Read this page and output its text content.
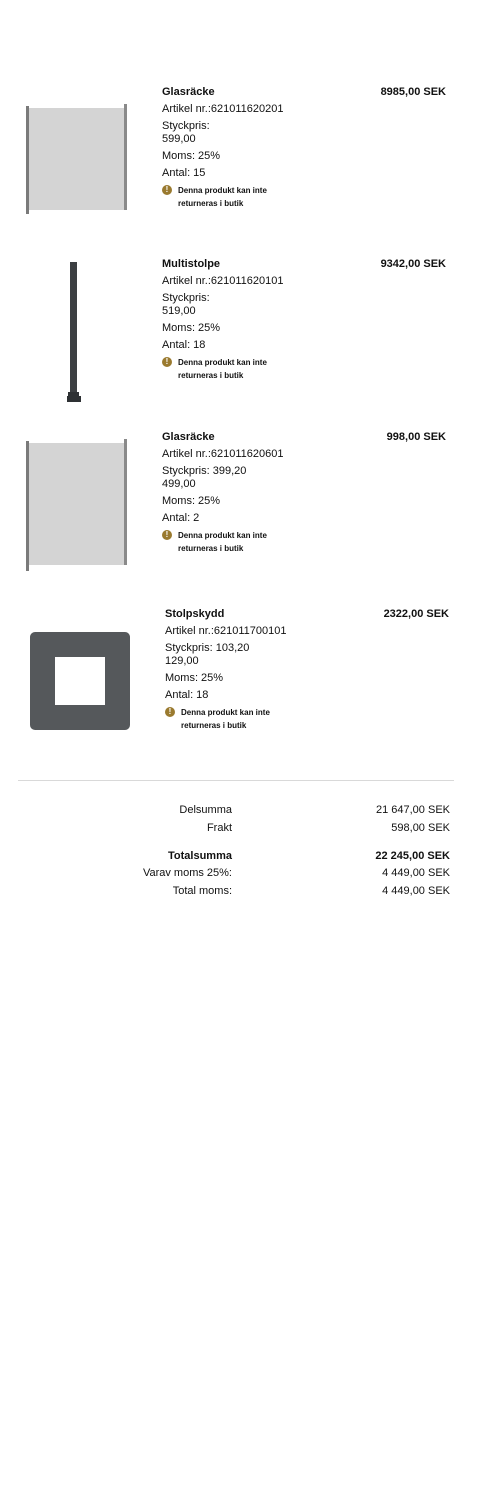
Glasräcke
Artikel nr.:621011620201
Styckpris:
599,00
Moms: 25%
Antal: 15
!	Denna produkt kan inte returneras i butik
8985,00 SEK
Multistolpe
Artikel nr.:621011620101
Styckpris:
519,00
Moms: 25%
Antal: 18
!	Denna produkt kan inte returneras i butik
9342,00 SEK
Glasräcke
Artikel nr.:621011620601
Styckpris: 399,20
499,00
Moms: 25%
Antal: 2
!	Denna produkt kan inte returneras i butik
998,00 SEK
Stolpskydd
Artikel nr.:621011700101
Styckpris: 103,20
129,00
Moms: 25%
Antal: 18
!	Denna produkt kan inte returneras i butik
2322,00 SEK
Delsumma	21 647,00 SEK
Frakt	598,00 SEK
Totalsumma	22 245,00 SEK
Varav moms 25%:	4 449,00 SEK
Total moms:	4 449,00 SEK
